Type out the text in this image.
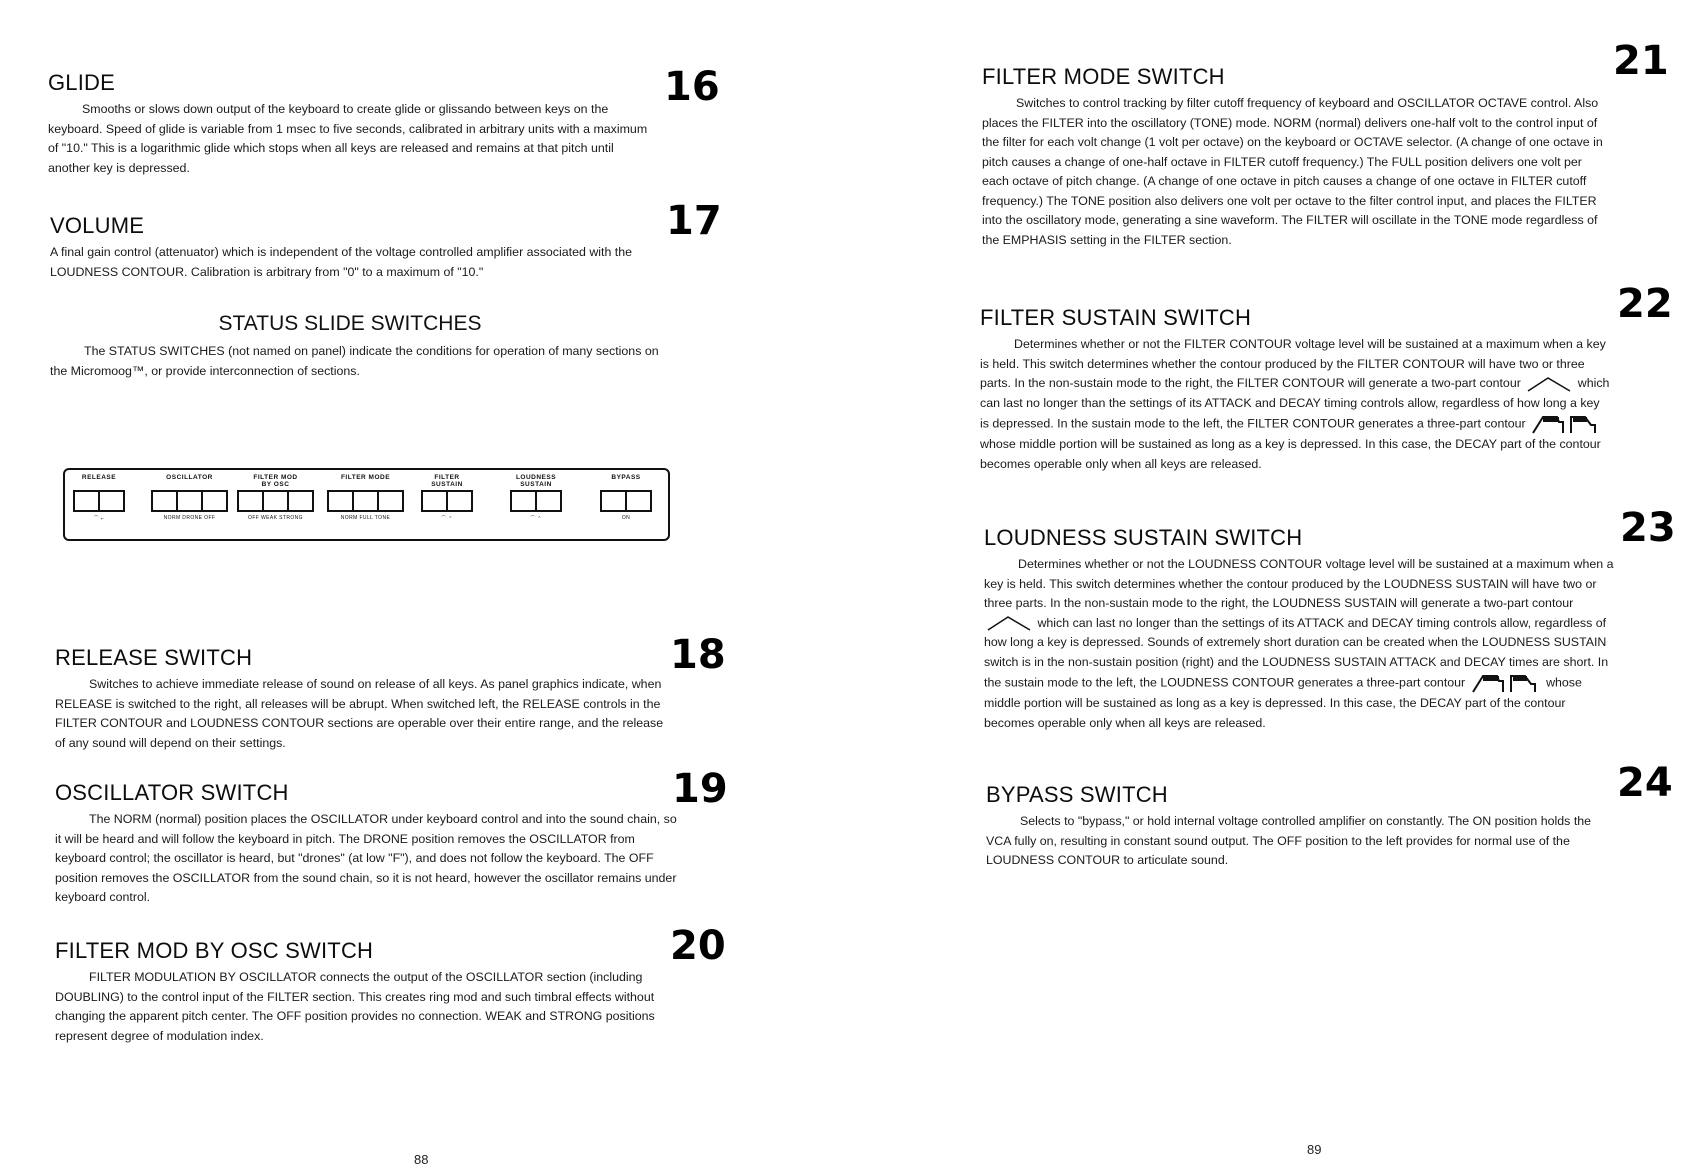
GLIDE

Smooths or slows down output of the keyboard to create glide or glissando between keys on the keyboard. Speed of glide is variable from 1 msec to five seconds, calibrated in arbitrary units with a maximum of "10." This is a logarithmic glide which stops when all keys are released and remains at that pitch until another key is depressed.

16
VOLUME

A final gain control (attenuator) which is independent of the voltage controlled amplifier associated with the LOUDNESS CONTOUR. Calibration is arbitrary from "0" to a maximum of "10."

17
STATUS SLIDE SWITCHES

The STATUS SWITCHES (not named on panel) indicate the conditions for operation of many sections on the Micromoog™, or provide interconnection of sections.

RELEASE
⌒ ⌐
OSCILLATOR
NORM DRONE OFF
FILTER MOD
BY OSC
OFF WEAK STRONG
FILTER MODE
NORM FULL TONE
FILTER
SUSTAIN
⌒ ⌃
LOUDNESS
SUSTAIN
⌒ ⌃
BYPASS
ON
RELEASE SWITCH

Switches to achieve immediate release of sound on release of all keys. As panel graphics indicate, when RELEASE is switched to the right, all releases will be abrupt. When switched left, the RELEASE controls in the FILTER CONTOUR and LOUDNESS CONTOUR sections are operable over their entire range, and the release of any sound will depend on their settings.

18
OSCILLATOR SWITCH

The NORM (normal) position places the OSCILLATOR under keyboard control and into the sound chain, so it will be heard and will follow the keyboard in pitch. The DRONE position removes the OSCILLATOR from keyboard control; the oscillator is heard, but "drones" (at low "F"), and does not follow the keyboard. The OFF position removes the OSCILLATOR from the sound chain, so it is not heard, however the oscillator remains under keyboard control.

19
FILTER MOD BY OSC SWITCH

FILTER MODULATION BY OSCILLATOR connects the output of the OSCILLATOR section (including DOUBLING) to the control input of the FILTER section. This creates ring mod and such timbral effects without changing the apparent pitch center. The OFF position provides no connection. WEAK and STRONG positions represent degree of modulation index.

20
88
21
FILTER MODE SWITCH

Switches to control tracking by filter cutoff frequency of keyboard and OSCILLATOR OCTAVE control. Also places the FILTER into the oscillatory (TONE) mode. NORM (normal) delivers one-half volt to the control input of the filter for each volt change (1 volt per octave) on the keyboard or OCTAVE selector. (A change of one octave in pitch causes a change of one-half octave in FILTER cutoff frequency.) The FULL position delivers one volt per each octave of pitch change. (A change of one octave in pitch causes a change of one octave in FILTER cutoff frequency.) The TONE position also delivers one volt per octave to the filter control input, and places the FILTER into the oscillatory mode, generating a sine waveform. The FILTER will oscillate in the TONE mode regardless of the EMPHASIS setting in the FILTER section.

22
FILTER SUSTAIN SWITCH

Determines whether or not the FILTER CONTOUR voltage level will be sustained at a maximum when a key is held. This switch determines whether the contour produced by the FILTER CONTOUR will have two or three parts. In the non-sustain mode to the right, the FILTER CONTOUR will generate a two-part contour	which can last no longer than the settings of its ATTACK and DECAY timing controls allow, regardless of how long a key is depressed. In the sustain mode to the left, the FILTER CONTOUR generates a three-part contour  whose middle portion will be sustained as long as a key is depressed. In this case, the DECAY part of the contour becomes operable only when all keys are released.

23
LOUDNESS SUSTAIN SWITCH

Determines whether or not the LOUDNESS CONTOUR voltage level will be sustained at a maximum when a key is held. This switch determines whether the contour produced by the LOUDNESS SUSTAIN will have two or three parts. In the non-sustain mode to the right, the LOUDNESS SUSTAIN will generate a two-part contour  which can last no longer than the settings of its ATTACK and DECAY timing controls allow, regardless of how long a key is depressed. Sounds of extremely short duration can be created when the LOUDNESS SUSTAIN switch is in the non-sustain position (right) and the LOUDNESS SUSTAIN ATTACK and DECAY times are short. In the sustain mode to the left, the LOUDNESS CONTOUR generates a three-part contour	whose middle portion will be sustained as long as a key is depressed. In this case, the DECAY part of the contour becomes operable only when all keys are released.

24
BYPASS SWITCH

Selects to "bypass," or hold internal voltage controlled amplifier on constantly. The ON position holds the VCA fully on, resulting in constant sound output. The OFF position to the left provides for normal use of the LOUDNESS CONTOUR to articulate sound.

89
